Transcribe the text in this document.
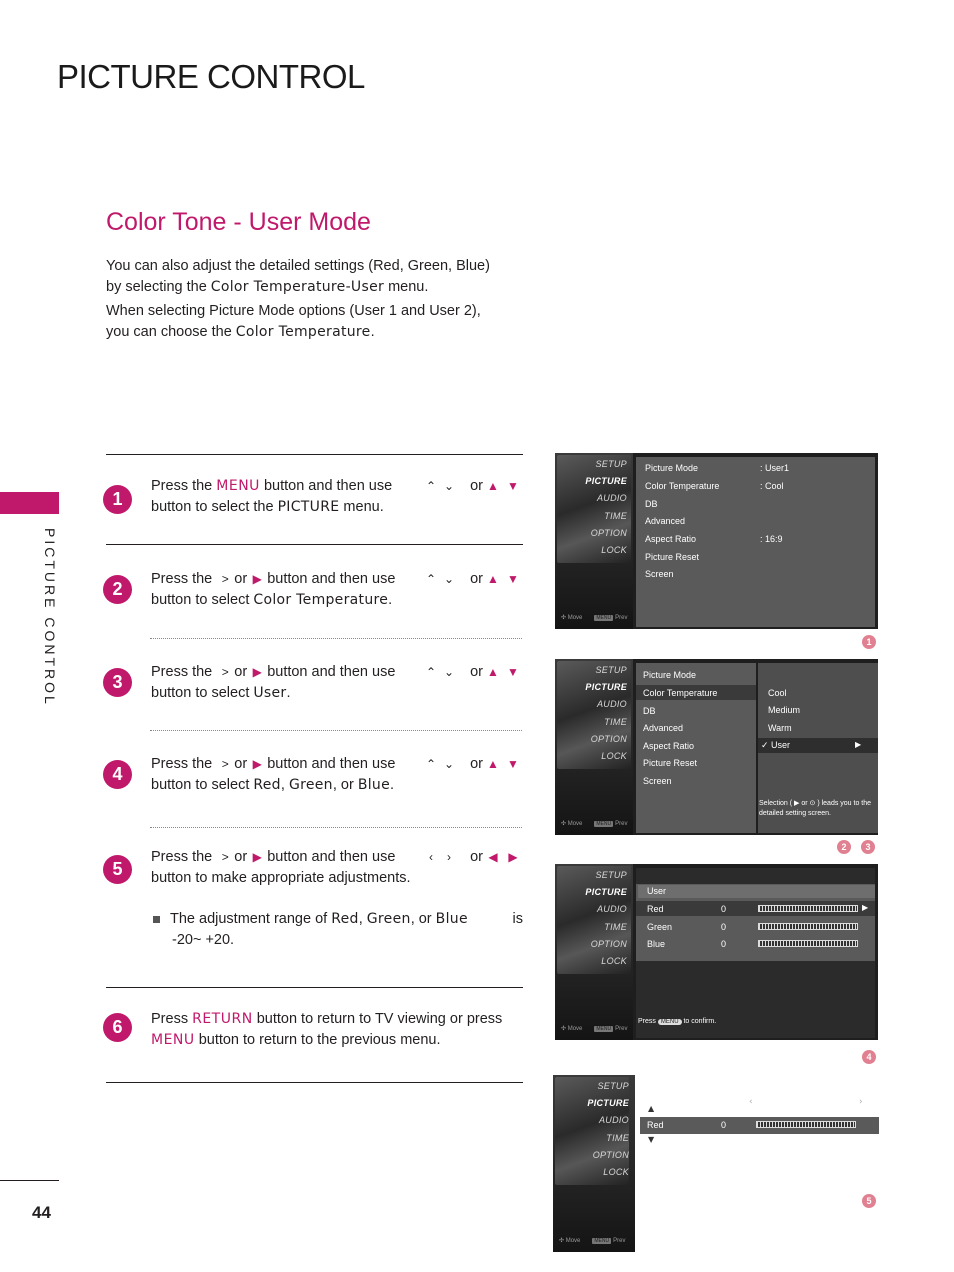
PICTURE CONTROL
Color Tone - User Mode

You can also adjust the detailed settings (Red, Green, Blue)
by selecting the Color Temperature-User menu.

When selecting Picture Mode options (User 1 and User 2),
you can choose the Color Temperature.

PICTURE CONTROL
44
1
Press the
MENU
button and then use	⌃ ⌄
or ▲ ▼
button to select the
PICTURE
menu.
2	Press the
> or ▶ button and then use	⌃ ⌄
or ▲ ▼
button to select
Color Temperature .
3	Press the
> or ▶ button and then use	⌃ ⌄
or ▲ ▼
button to select
User .
4	Press the
> or ▶ button and then use	⌃ ⌄
or ▲ ▼
button to select
Red ,
Green , or
Blue .
5
Press the
> or ▶ button and then use	‹	›
	or ◀ ▶
button to make appropriate adjustments.
The adjustment range of
Red ,
Green , or
Blue	is
-20~ +20.
6	Press
RETURN
button to return to TV viewing or press
MENU
button to return to the previous menu.
SETUP
PICTURE
AUDIO
TIME
OPTION
LOCK
✣ Move	MENU Prev
Picture Mode	: User1
Color Temperature	: Cool
DB
Advanced
Aspect Ratio	: 16:9
Picture Reset
Screen
1
SETUP
PICTURE
AUDIO
TIME
OPTION
LOCK
✣ Move	MENU Prev
Picture Mode
Color Temperature
DB
Advanced
Aspect Ratio
Picture Reset
Screen
Cool
Medium
Warm
✓ User	▶
Selection ( ▶ or ⊙ ) leads you to the detailed setting screen.
2	3
SETUP
PICTURE
AUDIO
TIME
OPTION
LOCK
✣ Move	MENU Prev
User
Red	0	▶
Green	0
Blue	0
Press MENU to confirm.
4
SETUP
PICTURE
AUDIO
TIME
OPTION
LOCK
✣ Move	MENU Prev
‹	›
▲
Red	0
▼
5
